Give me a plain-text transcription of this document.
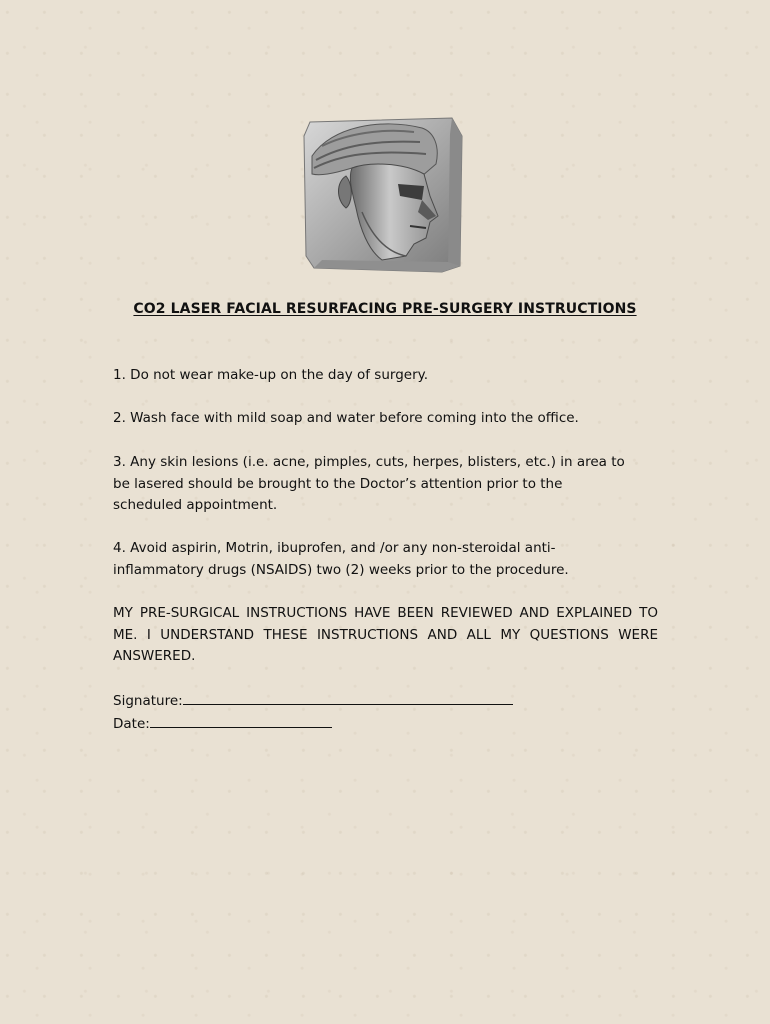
CO2 LASER FACIAL RESURFACING PRE-SURGERY INSTRUCTIONS
1. Do not wear make-up on the day of surgery.
2. Wash face with mild soap and water before coming into the office.
3. Any skin lesions (i.e. acne, pimples, cuts, herpes, blisters, etc.) in area to be lasered should be brought to the Doctor’s attention prior to the scheduled appointment.
4. Avoid aspirin, Motrin, ibuprofen, and /or any non-steroidal anti-inflammatory drugs (NSAIDS) two (2) weeks prior to the procedure.
MY PRE-SURGICAL INSTRUCTIONS HAVE BEEN REVIEWED AND EXPLAINED TO ME. I UNDERSTAND THESE INSTRUCTIONS AND ALL MY QUESTIONS WERE ANSWERED.
Signature:
Date:
